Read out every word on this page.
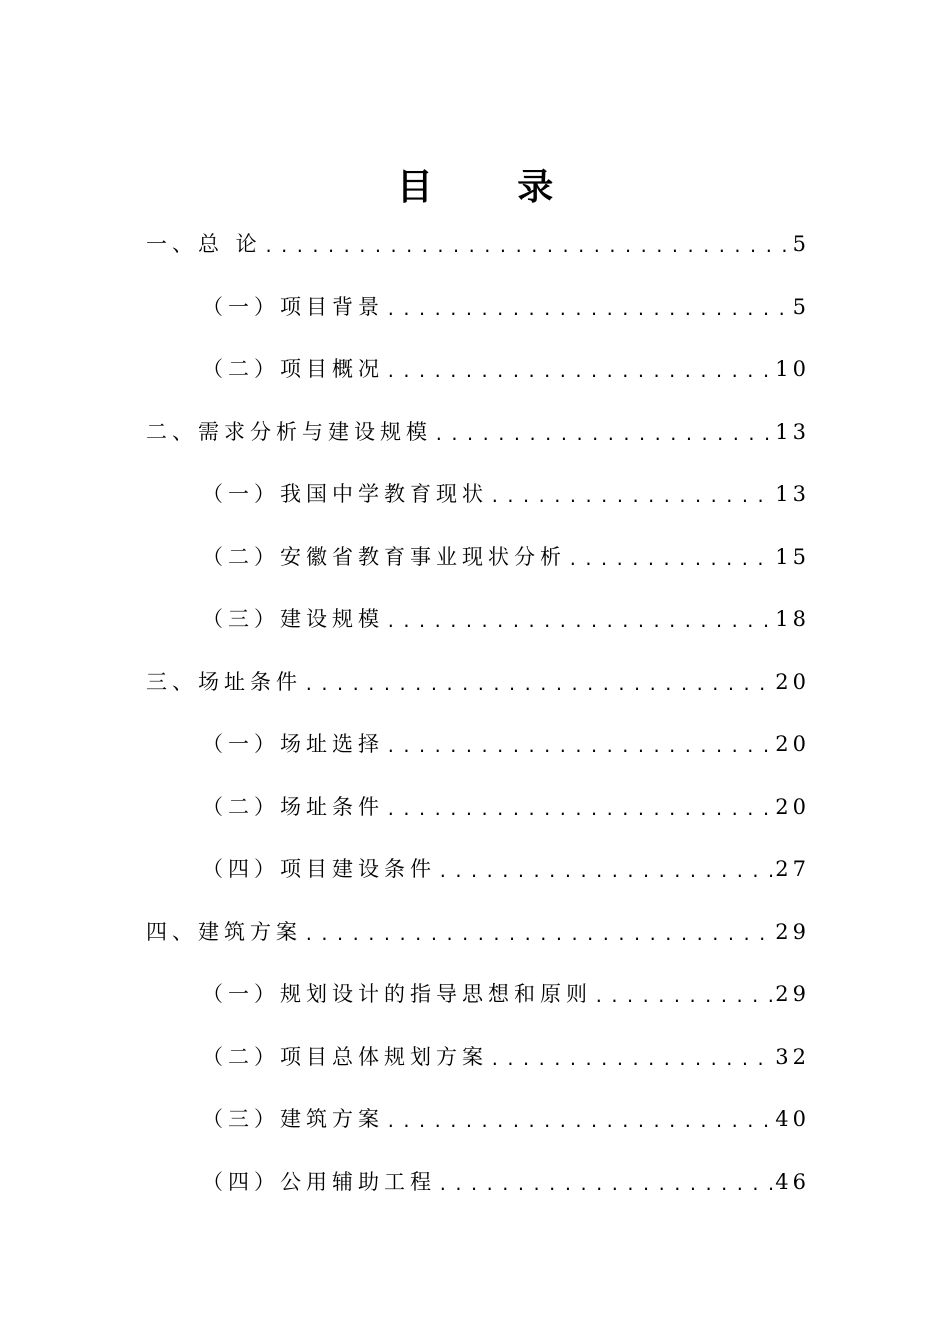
目 录
一、总 论 .....	5
（一）项目背景 .....	5
（二）项目概况 .....	10
二、需求分析与建设规模 .....	13
（一）我国中学教育现状 .....	13
（二）安徽省教育事业现状分析 .....	15
（三）建设规模 .....	18
三、场址条件 .....	20
（一）场址选择 .....	20
（二）场址条件 .....	20
（四）项目建设条件 .....	27
四、建筑方案 .....	29
（一）规划设计的指导思想和原则 .....	29
（二）项目总体规划方案 .....	32
（三）建筑方案 .....	40
（四）公用辅助工程 .....	46
